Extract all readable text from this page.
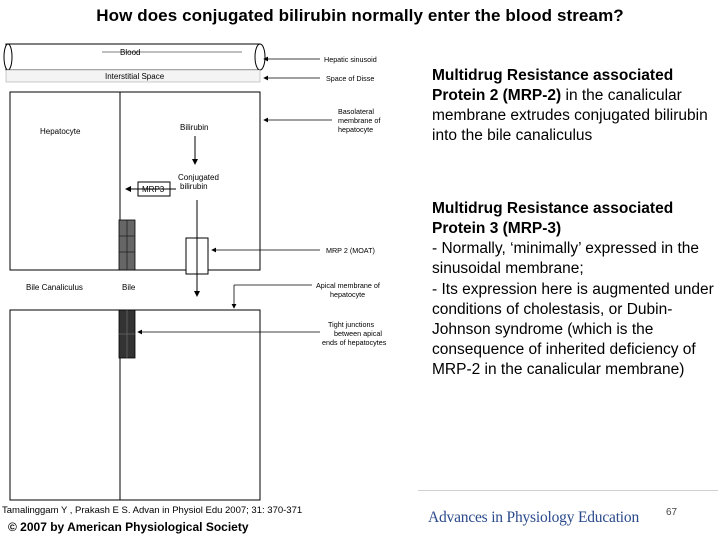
How does conjugated bilirubin normally enter the blood stream?
Blood
Interstitial Space
Hepatocyte	Bilirubin
Conjugated bilirubin
MRP3
Bile Canaliculus	Bile
Hepatic sinusoid
Space of Disse
Basolateral membrane of hepatocyte
MRP 2 (MOAT)
Apical membrane of hepatocyte
Tight junctions between apical ends of hepatocytes
Multidrug Resistance associated Protein 2 (MRP-2) in the canalicular membrane extrudes conjugated bilirubin into the bile canaliculus
Multidrug Resistance associated Protein 3 (MRP-3)
- Normally, ‘minimally’ expressed in the sinusoidal membrane;
- Its expression here is augmented under conditions of cholestasis, or Dubin-Johnson syndrome (which is the consequence of inherited deficiency of MRP-2 in the canalicular membrane)
Tamalinggam Y , Prakash E S. Advan in Physiol Edu 2007; 31: 370-371
© 2007 by American Physiological Society
Advances in Physiology Education	67
